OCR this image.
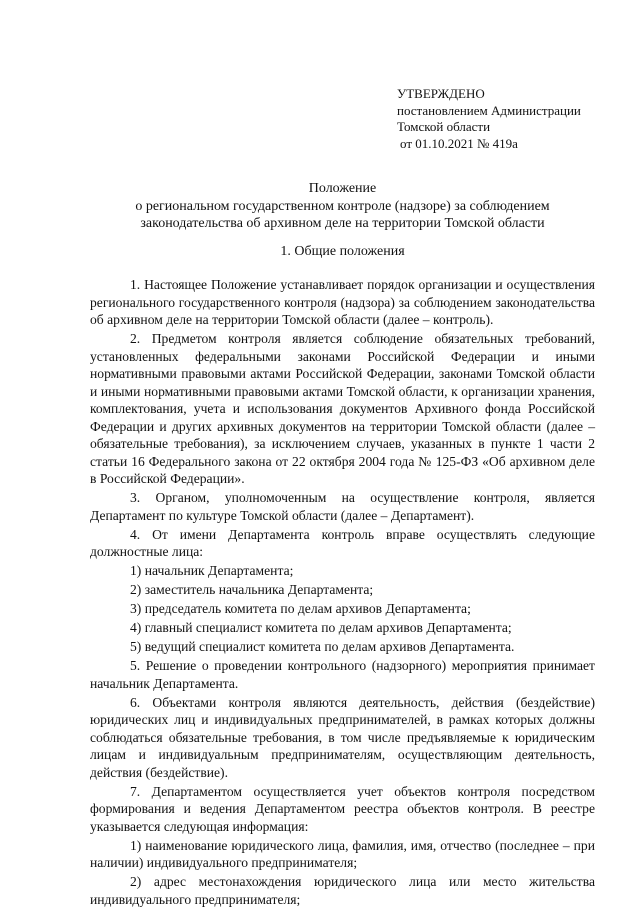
УТВЕРЖДЕНО
постановлением Администрации
Томской области
от 01.10.2021 № 419а
Положение
о региональном государственном контроле (надзоре) за соблюдением
законодательства об архивном деле на территории Томской области
1. Общие положения

1. Настоящее Положение устанавливает порядок организации и осуществления регионального государственного контроля (надзора) за соблюдением законодательства об архивном деле на территории Томской области (далее – контроль).

2. Предметом контроля является соблюдение обязательных требований, установленных федеральными законами Российской Федерации и иными нормативными правовыми актами Российской Федерации, законами Томской области и иными нормативными правовыми актами Томской области, к организации хранения, комплектования, учета и использования документов Архивного фонда Российской Федерации и других архивных документов на территории Томской области (далее – обязательные требования), за исключением случаев, указанных в пункте 1 части 2 статьи 16 Федерального закона от 22 октября 2004 года № 125-ФЗ «Об архивном деле в Российской Федерации».

3. Органом, уполномоченным на осуществление контроля, является Департамент по культуре Томской области (далее – Департамент).

4. От имени Департамента контроль вправе осуществлять следующие должностные лица:

1) начальник Департамента;
2) заместитель начальника Департамента;
3) председатель комитета по делам архивов Департамента;
4) главный специалист комитета по делам архивов Департамента;
5) ведущий специалист комитета по делам архивов Департамента.

5. Решение о проведении контрольного (надзорного) мероприятия принимает начальник Департамента.

6. Объектами контроля являются деятельность, действия (бездействие) юридических лиц и индивидуальных предпринимателей, в рамках которых должны соблюдаться обязательные требования, в том числе предъявляемые к юридическим лицам и индивидуальным предпринимателям, осуществляющим деятельность, действия (бездействие).

7. Департаментом осуществляется учет объектов контроля посредством формирования и ведения Департаментом реестра объектов контроля. В реестре указывается следующая информация:

1) наименование юридического лица, фамилия, имя, отчество (последнее – при наличии) индивидуального предпринимателя;
2) адрес местонахождения юридического лица или место жительства индивидуального предпринимателя;
